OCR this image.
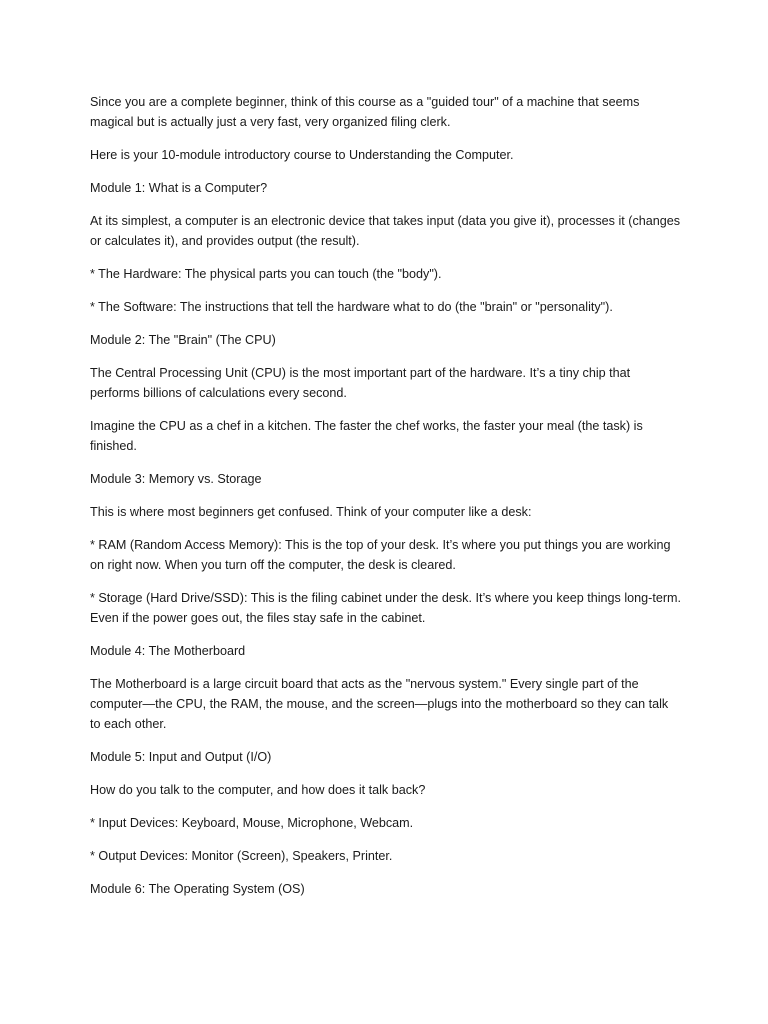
Since you are a complete beginner, think of this course as a "guided tour" of a machine that seems magical but is actually just a very fast, very organized filing clerk.

Here is your 10-module introductory course to Understanding the Computer.

Module 1: What is a Computer?

At its simplest, a computer is an electronic device that takes input (data you give it), processes it (changes or calculates it), and provides output (the result).

* The Hardware: The physical parts you can touch (the "body").

* The Software: The instructions that tell the hardware what to do (the "brain" or "personality").

Module 2: The "Brain" (The CPU)

The Central Processing Unit (CPU) is the most important part of the hardware. It’s a tiny chip that performs billions of calculations every second.

Imagine the CPU as a chef in a kitchen. The faster the chef works, the faster your meal (the task) is finished.

Module 3: Memory vs. Storage

This is where most beginners get confused. Think of your computer like a desk:

* RAM (Random Access Memory): This is the top of your desk. It’s where you put things you are working on right now. When you turn off the computer, the desk is cleared.

* Storage (Hard Drive/SSD): This is the filing cabinet under the desk. It’s where you keep things long-term. Even if the power goes out, the files stay safe in the cabinet.

Module 4: The Motherboard

The Motherboard is a large circuit board that acts as the "nervous system." Every single part of the computer—the CPU, the RAM, the mouse, and the screen—plugs into the motherboard so they can talk to each other.

Module 5: Input and Output (I/O)

How do you talk to the computer, and how does it talk back?

* Input Devices: Keyboard, Mouse, Microphone, Webcam.

* Output Devices: Monitor (Screen), Speakers, Printer.

Module 6: The Operating System (OS)
